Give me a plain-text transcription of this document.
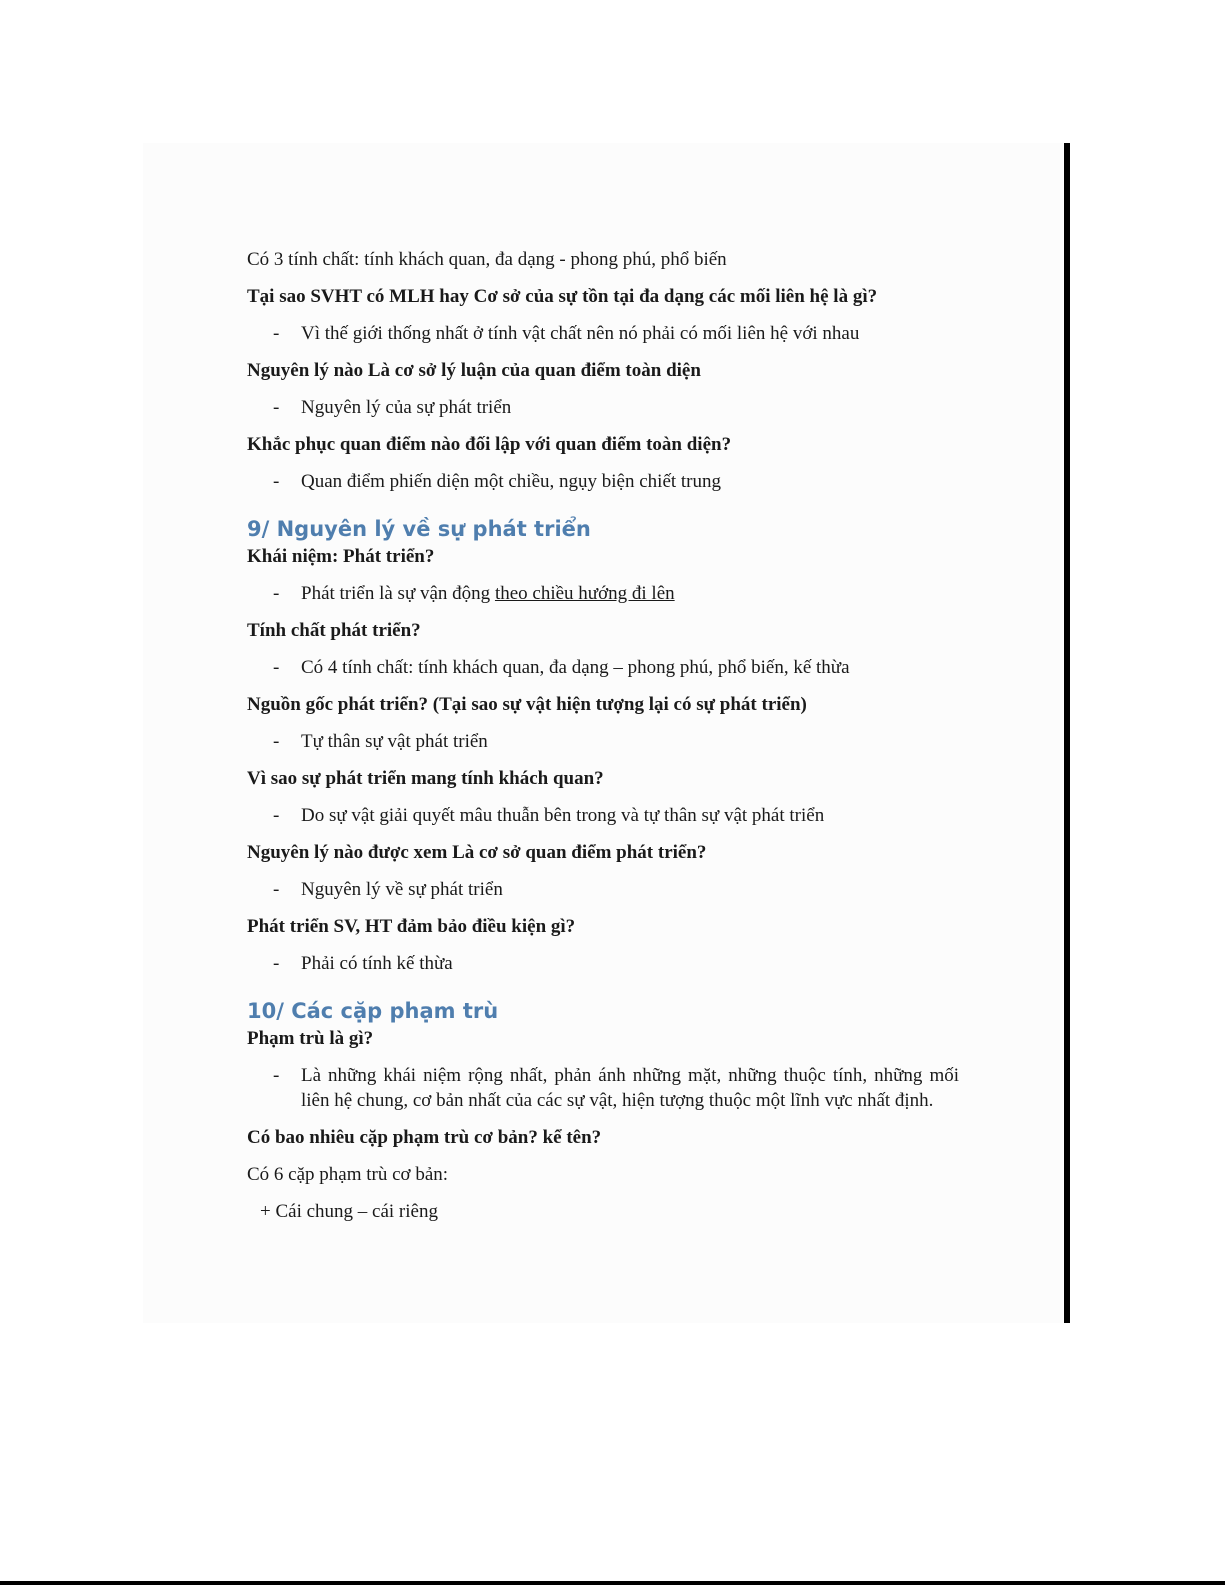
Có 3 tính chất: tính khách quan, đa dạng - phong phú, phổ biến

Tại sao SVHT có MLH hay Cơ sở của sự tồn tại đa dạng các mối liên hệ là gì?

- Vì thế giới thống nhất ở tính vật chất nên nó phải có mối liên hệ với nhau

Nguyên lý nào Là cơ sở lý luận của quan điểm toàn diện

- Nguyên lý của sự phát triển

Khắc phục quan điểm nào đối lập với quan điểm toàn diện?

- Quan điểm phiến diện một chiều, ngụy biện chiết trung
9/ Nguyên lý về sự phát triển

Khái niệm: Phát triển?

- Phát triển là sự vận động theo chiều hướng đi lên

Tính chất phát triển?

- Có 4 tính chất: tính khách quan, đa dạng – phong phú, phổ biến, kế thừa

Nguồn gốc phát triển? (Tại sao sự vật hiện tượng lại có sự phát triển)

- Tự thân sự vật phát triển

Vì sao sự phát triển mang tính khách quan?

- Do sự vật giải quyết mâu thuẫn bên trong và tự thân sự vật phát triển

Nguyên lý nào được xem Là cơ sở quan điểm phát triển?

- Nguyên lý về sự phát triển

Phát triển SV, HT đảm bảo điều kiện gì?

- Phải có tính kế thừa
10/ Các cặp phạm trù

Phạm trù là gì?

- Là những khái niệm rộng nhất, phản ánh những mặt, những thuộc tính, những mối liên hệ chung, cơ bản nhất của các sự vật, hiện tượng thuộc một lĩnh vực nhất định.

Có bao nhiêu cặp phạm trù cơ bản? kể tên?

Có 6 cặp phạm trù cơ bản:

+ Cái chung – cái riêng
